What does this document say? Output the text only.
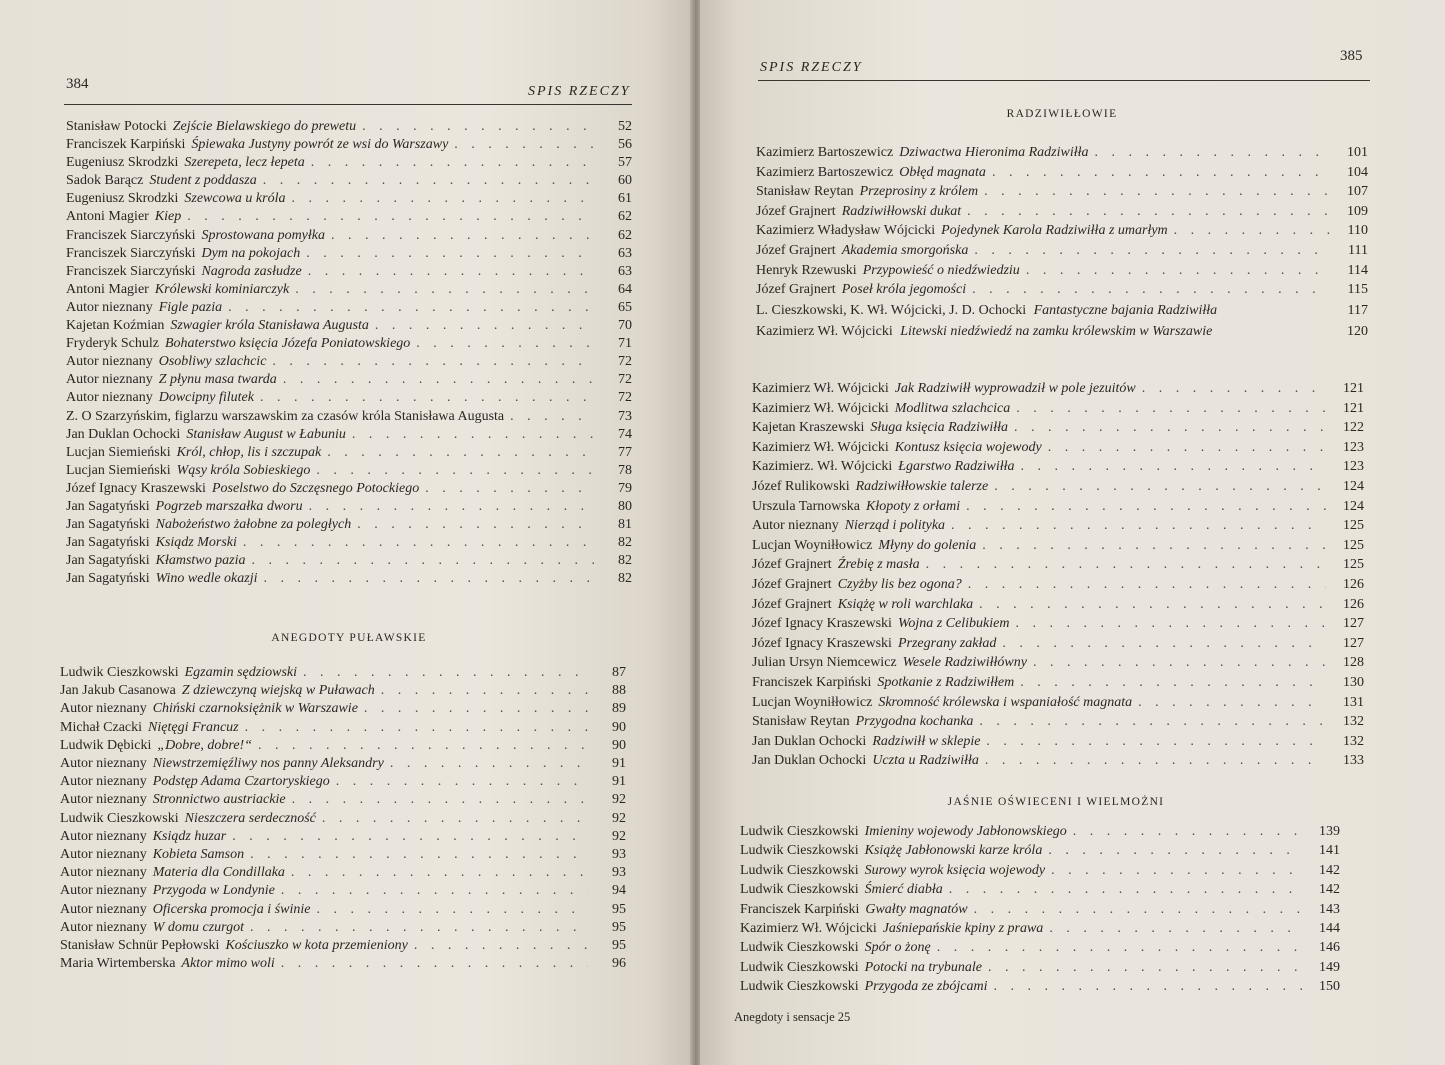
384	SPIS RZECZY
Stanisław Potocki Zejście Bielawskiego do prewetu . . .	52
Franciszek Karpiński Śpiewaka Justyny powrót ze wsi do Warszawy . . .	56
Eugeniusz Skrodzki Szerepeta, lecz łepeta . . .	57
Sadok Barącz Student z poddasza . . .	60
Eugeniusz Skrodzki Szewcowa u króla . . .	61
Antoni Magier Kiep . . .	62
Franciszek Siarczyński Sprostowana pomyłka . . .	62
Franciszek Siarczyński Dym na pokojach . . .	63
Franciszek Siarczyński Nagroda zasłudze . . .	63
Antoni Magier Królewski kominiarczyk . . .	64
Autor nieznany Figle pazia . . .	65
Kajetan Koźmian Szwagier króla Stanisława Augusta . . .	70
Fryderyk Schulz Bohaterstwo księcia Józefa Poniatowskiego . . .	71
Autor nieznany Osobliwy szlachcic . . .	72
Autor nieznany Z płynu masa twarda . . .	72
Autor nieznany Dowcipny filutek . . .	72
Z. O Szarzyńskim, figlarzu warszawskim za czasów króla Stanisława Augusta . . .	73
Jan Duklan Ochocki Stanisław August w Łabuniu . . .	74
Lucjan Siemieński Król, chłop, lis i szczupak . . .	77
Lucjan Siemieński Wąsy króla Sobieskiego . . .	78
Józef Ignacy Kraszewski Poselstwo do Szczęsnego Potockiego . . .	79
Jan Sagatyński Pogrzeb marszałka dworu . . .	80
Jan Sagatyński Nabożeństwo żałobne za poległych . . .	81
Jan Sagatyński Ksiądz Morski . . .	82
Jan Sagatyński Kłamstwo pazia . . .	82
Jan Sagatyński Wino wedle okazji . . .	82
ANEGDOTY PUŁAWSKIE
Ludwik Cieszkowski Egzamin sędziowski . . .	87
Jan Jakub Casanowa Z dziewczyną wiejską w Puławach . . .	88
Autor nieznany Chiński czarnoksiężnik w Warszawie . . .	89
Michał Czacki Niętęgi Francuz . . .	90
Ludwik Dębicki „Dobre, dobre!“ . . .	90
Autor nieznany Niewstrzemięźliwy nos panny Aleksandry . . .	91
Autor nieznany Podstęp Adama Czartoryskiego . . .	91
Autor nieznany Stronnictwo austriackie . . .	92
Ludwik Cieszkowski Nieszczera serdeczność . . .	92
Autor nieznany Ksiądz huzar . . .	92
Autor nieznany Kobieta Samson . . .	93
Autor nieznany Materia dla Condillaka . . .	93
Autor nieznany Przygoda w Londynie . . .	94
Autor nieznany Oficerska promocja i świnie . . .	95
Autor nieznany W domu czurgot . . .	95
Stanisław Schnür Pepłowski Kościuszko w kota przemieniony . . .	95
Maria Wirtemberska Aktor mimo woli . . .	96
SPIS RZECZY
385
RADZIWIŁŁOWIE
Kazimierz Bartoszewicz Dziwactwa Hieronima Radziwiłła . . .	101
Kazimierz Bartoszewicz Obłęd magnata . . .	104
Stanisław Reytan Przeprosiny z królem . . .	107
Józef Grajnert Radziwiłłowski dukat . . .	109
Kazimierz Władysław Wójcicki Pojedynek Karola Radziwiłła z umarłym . . .	110
Józef Grajnert Akademia smorgońska . . .	111
Henryk Rzewuski Przypowieść o niedźwiedziu . . .	114
Józef Grajnert Poseł króla jegomości . . .	115
L. Cieszkowski, K. Wł. Wójcicki, J. D. Ochocki Fantastyczne bajania Radziwiłła	117
Kazimierz Wł. Wójcicki Litewski niedźwiedź na zamku królewskim w Warszawie	120
Kazimierz Wł. Wójcicki Jak Radziwiłł wyprowadził w pole jezuitów . . .	121
Kazimierz Wł. Wójcicki Modlitwa szlachcica . . .	121
Kajetan Kraszewski Sługa księcia Radziwiłła . . .	122
Kazimierz Wł. Wójcicki Kontusz księcia wojewody . . .	123
Kazimierz. Wł. Wójcicki Łgarstwo Radziwiłła . . .	123
Józef Rulikowski Radziwiłłowskie talerze . . .	124
Urszula Tarnowska Kłopoty z orłami . . .	124
Autor nieznany Nierząd i polityka . . .	125
Lucjan Woyniłłowicz Młyny do golenia . . .	125
Józef Grajnert Źrebię z masła . . .	125
Józef Grajnert Czyżby lis bez ogona? . . .	126
Józef Grajnert Książę w roli warchlaka . . .	126
Józef Ignacy Kraszewski Wojna z Celibukiem . . .	127
Józef Ignacy Kraszewski Przegrany zakład . . .	127
Julian Ursyn Niemcewicz Wesele Radziwiłłówny . . .	128
Franciszek Karpiński Spotkanie z Radziwiłłem . . .	130
Lucjan Woyniłłowicz Skromność królewska i wspaniałość magnata . . .	131
Stanisław Reytan Przygodna kochanka . . .	132
Jan Duklan Ochocki Radziwiłł w sklepie . . .	132
Jan Duklan Ochocki Uczta u Radziwiłła . . .	133
JAŚNIE OŚWIECENI I WIELMOŻNI
Ludwik Cieszkowski Imieniny wojewody Jabłonowskiego . . .	139
Ludwik Cieszkowski Książę Jabłonowski karze króla . . .	141
Ludwik Cieszkowski Surowy wyrok księcia wojewody . . .	142
Ludwik Cieszkowski Śmierć diabła . . .	142
Franciszek Karpiński Gwałty magnatów . . .	143
Kazimierz Wł. Wójcicki Jaśniepańskie kpiny z prawa . . .	144
Ludwik Cieszkowski Spór o żonę . . .	146
Ludwik Cieszkowski Potocki na trybunale . . .	149
Ludwik Cieszkowski Przygoda ze zbójcami . . .	150
Anegdoty i sensacje 25
